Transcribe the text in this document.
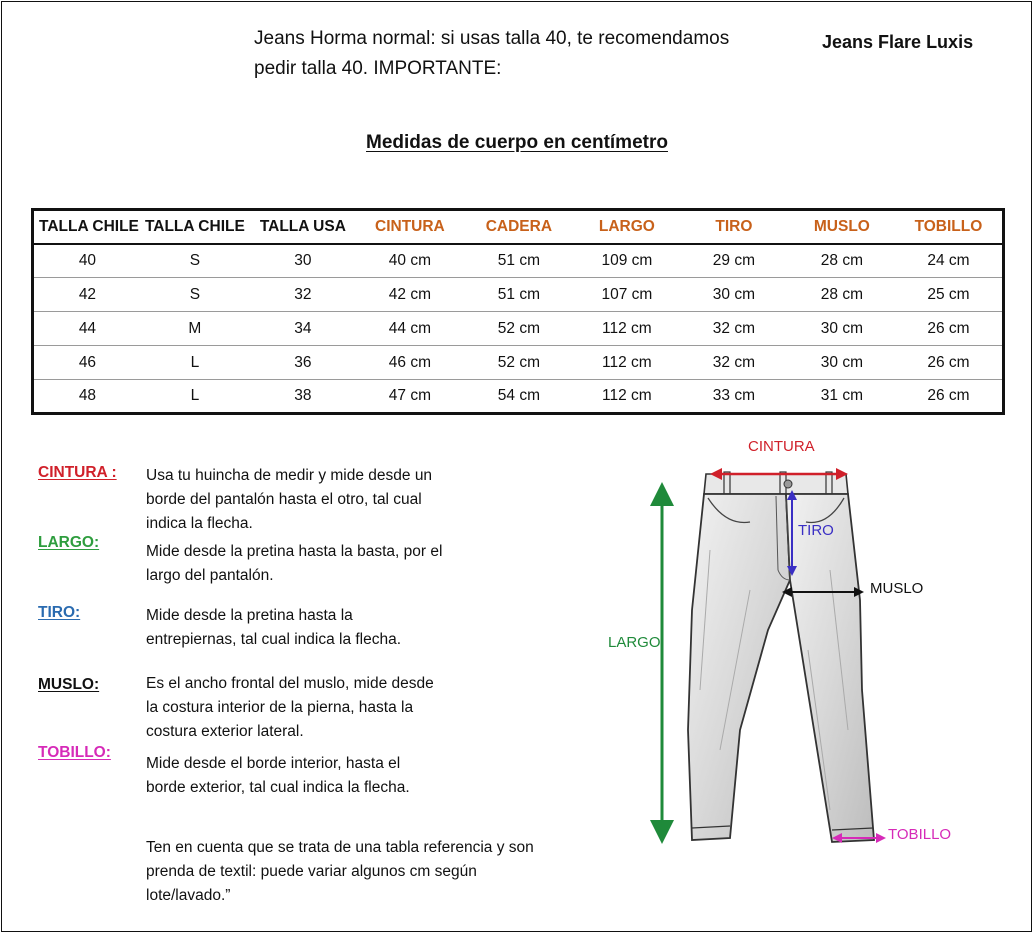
Jeans Horma normal: si usas talla 40, te recomendamos
pedir talla 40. IMPORTANTE:
Jeans Flare Luxis
Medidas de cuerpo en centímetro
TALLA CHILE	TALLA CHILE	TALLA USA	CINTURA	CADERA	LARGO	TIRO	MUSLO	TOBILLO
40	S	30	40 cm	51 cm	109 cm	29 cm	28 cm	24 cm
42	S	32	42 cm	51 cm	107 cm	30 cm	28 cm	25 cm
44	M	34	44 cm	52 cm	112 cm	32 cm	30 cm	26 cm
46	L	36	46 cm	52 cm	112 cm	32 cm	30 cm	26 cm
48	L	38	47 cm	54 cm	112 cm	33 cm	31 cm	26 cm
CINTURA : Usa tu huincha de medir y mide desde un
borde del pantalón hasta el otro, tal cual
indica la flecha.
LARGO:
Mide desde la pretina hasta la basta, por el
largo del pantalón.
TIRO:	Mide desde la pretina hasta la
entrepiernas, tal cual indica la flecha.
MUSLO:	Es el ancho frontal del muslo, mide desde
la costura interior de la pierna, hasta la
costura exterior lateral.
TOBILLO:
Mide desde el borde interior, hasta el
borde exterior, tal cual indica la flecha.
Ten en cuenta que se trata de una tabla referencia y son
prenda de textil: puede variar algunos cm según
lote/lavado.”
CINTURA
TIRO
MUSLO
LARGO
TOBILLO
